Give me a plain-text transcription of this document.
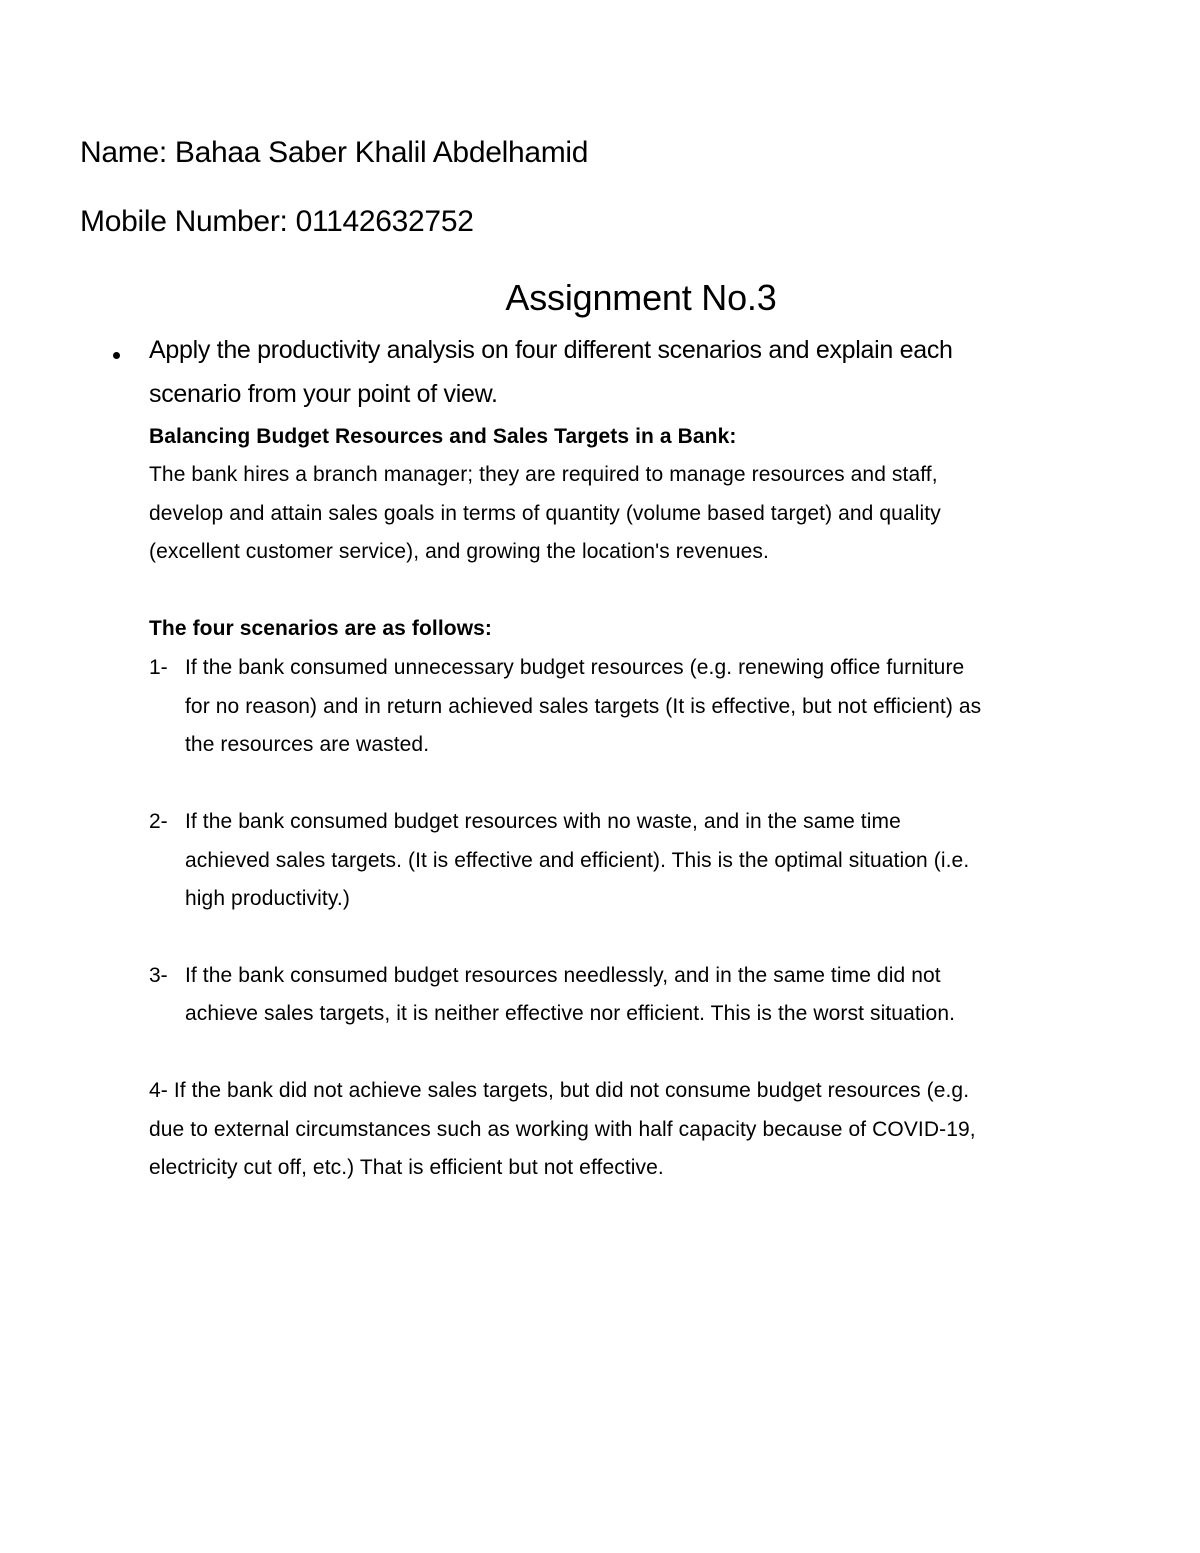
Name: Bahaa Saber Khalil Abdelhamid
Mobile Number: 01142632752
Assignment No.3
Apply the productivity analysis on four different scenarios and explain each
scenario from your point of view.
Balancing Budget Resources and Sales Targets in a Bank:
The bank hires a branch manager; they are required to manage resources and staff,
develop and attain sales goals in terms of quantity (volume based target) and quality
(excellent customer service), and growing the location's revenues.
The four scenarios are as follows:
1- If the bank consumed unnecessary budget resources (e.g. renewing office furniture
for no reason) and in return achieved sales targets (It is effective, but not efficient) as
the resources are wasted.
2- If the bank consumed budget resources with no waste, and in the same time
achieved sales targets. (It is effective and efficient). This is the optimal situation (i.e.
high productivity.)
3- If the bank consumed budget resources needlessly, and in the same time did not
achieve sales targets, it is neither effective nor efficient. This is the worst situation.
4- If the bank did not achieve sales targets, but did not consume budget resources (e.g.
due to external circumstances such as working with half capacity because of COVID-19,
electricity cut off, etc.) That is efficient but not effective.
